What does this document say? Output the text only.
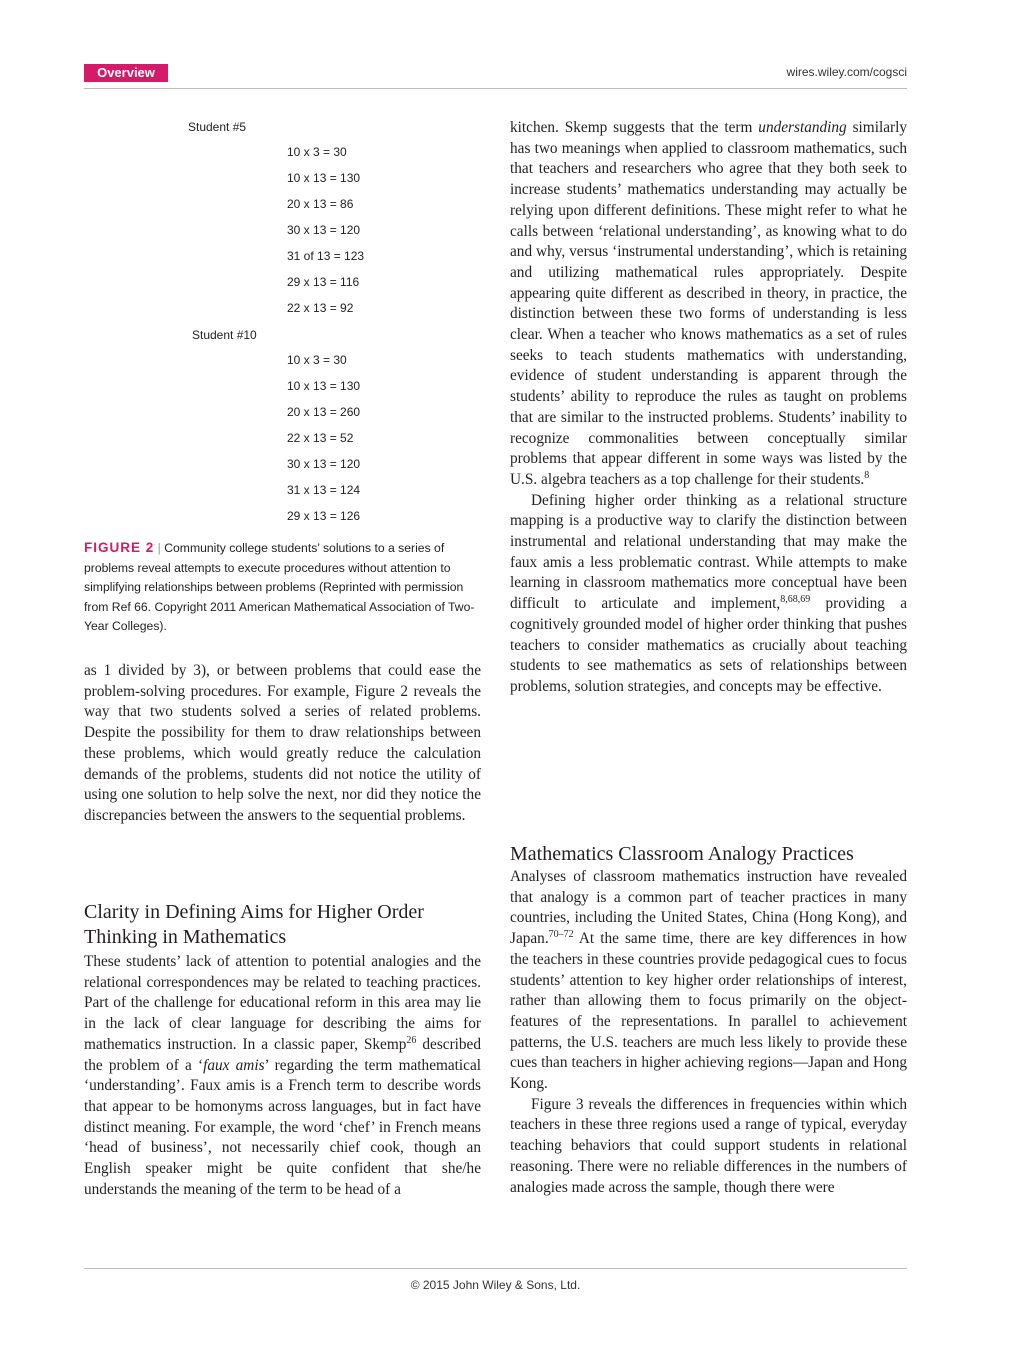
Overview	wires.wiley.com/cogsci
Student #5
10 x 3 = 30
10 x 13 = 130
20 x 13 = 86
30 x 13 = 120
31 of 13 = 123
29 x 13 = 116
22 x 13 = 92
Student #10
10 x 3 = 30
10 x 13 = 130
20 x 13 = 260
22 x 13 = 52
30 x 13 = 120
31 x 13 = 124
29 x 13 = 126
FIGURE 2 | Community college students’ solutions to a series of problems reveal attempts to execute procedures without attention to simplifying relationships between problems (Reprinted with permission from Ref 66. Copyright 2011 American Mathematical Association of Two-Year Colleges).

as 1 divided by 3), or between problems that could ease the problem-solving procedures. For example, Figure 2 reveals the way that two students solved a series of related problems. Despite the possibility for them to draw relationships between these problems, which would greatly reduce the calculation demands of the problems, students did not notice the utility of using one solution to help solve the next, nor did they notice the discrepancies between the answers to the sequential problems.

Clarity in Defining Aims for Higher Order Thinking in Mathematics

These students’ lack of attention to potential analogies and the relational correspondences may be related to teaching practices. Part of the challenge for educational reform in this area may lie in the lack of clear language for describing the aims for mathematics instruction. In a classic paper, Skemp$^{26}$ described the problem of a ‘faux amis’ regarding the term mathematical ‘understanding’. Faux amis is a French term to describe words that appear to be homonyms across languages, but in fact have distinct meaning. For example, the word ‘chef’ in French means ‘head of business’, not necessarily chief cook, though an English speaker might be quite confident that she/he understands the meaning of the term to be head of a

kitchen. Skemp suggests that the term understanding similarly has two meanings when applied to classroom mathematics, such that teachers and researchers who agree that they both seek to increase students’ mathematics understanding may actually be relying upon different definitions. These might refer to what he calls between ‘relational understanding’, as knowing what to do and why, versus ‘instrumental understanding’, which is retaining and utilizing mathematical rules appropriately. Despite appearing quite different as described in theory, in practice, the distinction between these two forms of understanding is less clear. When a teacher who knows mathematics as a set of rules seeks to teach students mathematics with understanding, evidence of student understanding is apparent through the students’ ability to reproduce the rules as taught on problems that are similar to the instructed problems. Students’ inability to recognize commonalities between conceptually similar problems that appear different in some ways was listed by the U.S. algebra teachers as a top challenge for their students.$^8$

Defining higher order thinking as a relational structure mapping is a productive way to clarify the distinction between instrumental and relational understanding that may make the faux amis a less problematic contrast. While attempts to make learning in classroom mathematics more conceptual have been difficult to articulate and implement,$^{8,68,69}$ providing a cognitively grounded model of higher order thinking that pushes teachers to consider mathematics as crucially about teaching students to see mathematics as sets of relationships between problems, solution strategies, and concepts may be effective.

Mathematics Classroom Analogy Practices

Analyses of classroom mathematics instruction have revealed that analogy is a common part of teacher practices in many countries, including the United States, China (Hong Kong), and Japan.$^{70-72}$ At the same time, there are key differences in how the teachers in these countries provide pedagogical cues to focus students’ attention to key higher order relationships of interest, rather than allowing them to focus primarily on the object-features of the representations. In parallel to achievement patterns, the U.S. teachers are much less likely to provide these cues than teachers in higher achieving regions—Japan and Hong Kong.

Figure 3 reveals the differences in frequencies within which teachers in these three regions used a range of typical, everyday teaching behaviors that could support students in relational reasoning. There were no reliable differences in the numbers of analogies made across the sample, though there were

© 2015 John Wiley & Sons, Ltd.
